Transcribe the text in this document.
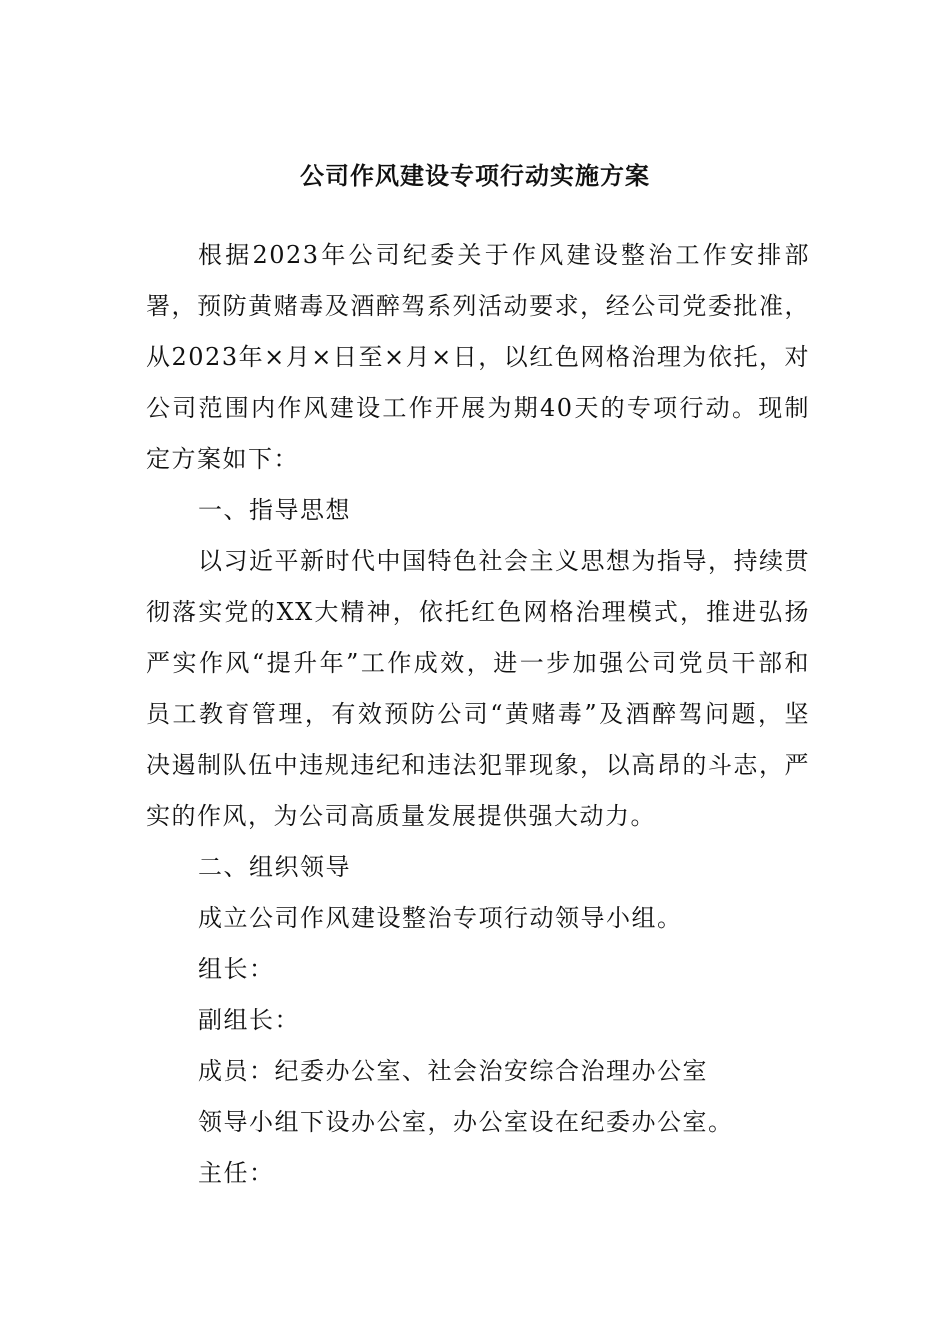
公司作风建设专项行动实施方案

根据2023年公司纪委关于作风建设整治工作安排部署，预防黄赌毒及酒醉驾系列活动要求，经公司党委批准，从2023年×月×日至×月×日，以红色网格治理为依托，对公司范围内作风建设工作开展为期40天的专项行动。现制定方案如下：

一、指导思想

以习近平新时代中国特色社会主义思想为指导，持续贯彻落实党的XX大精神，依托红色网格治理模式，推进弘扬严实作风“提升年”工作成效，进一步加强公司党员干部和员工教育管理，有效预防公司“黄赌毒”及酒醉驾问题，坚决遏制队伍中违规违纪和违法犯罪现象，以高昂的斗志，严实的作风，为公司高质量发展提供强大动力。

二、组织领导

成立公司作风建设整治专项行动领导小组。

组长：

副组长：

成员：纪委办公室、社会治安综合治理办公室

领导小组下设办公室，办公室设在纪委办公室。

主任：
